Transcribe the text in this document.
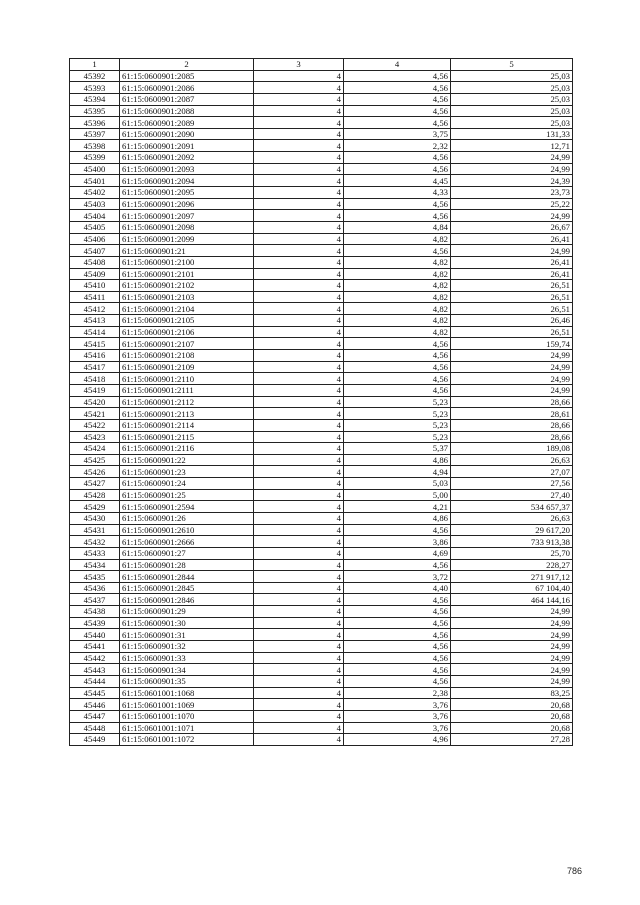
1	2	3	4	5
45392	61:15:0600901:2085	4	4,56	25,03
45393	61:15:0600901:2086	4	4,56	25,03
45394	61:15:0600901:2087	4	4,56	25,03
45395	61:15:0600901:2088	4	4,56	25,03
45396	61:15:0600901:2089	4	4,56	25,03
45397	61:15:0600901:2090	4	3,75	131,33
45398	61:15:0600901:2091	4	2,32	12,71
45399	61:15:0600901:2092	4	4,56	24,99
45400	61:15:0600901:2093	4	4,56	24,99
45401	61:15:0600901:2094	4	4,45	24,39
45402	61:15:0600901:2095	4	4,33	23,73
45403	61:15:0600901:2096	4	4,56	25,22
45404	61:15:0600901:2097	4	4,56	24,99
45405	61:15:0600901:2098	4	4,84	26,67
45406	61:15:0600901:2099	4	4,82	26,41
45407	61:15:0600901:21	4	4,56	24,99
45408	61:15:0600901:2100	4	4,82	26,41
45409	61:15:0600901:2101	4	4,82	26,41
45410	61:15:0600901:2102	4	4,82	26,51
45411	61:15:0600901:2103	4	4,82	26,51
45412	61:15:0600901:2104	4	4,82	26,51
45413	61:15:0600901:2105	4	4,82	26,46
45414	61:15:0600901:2106	4	4,82	26,51
45415	61:15:0600901:2107	4	4,56	159,74
45416	61:15:0600901:2108	4	4,56	24,99
45417	61:15:0600901:2109	4	4,56	24,99
45418	61:15:0600901:2110	4	4,56	24,99
45419	61:15:0600901:2111	4	4,56	24,99
45420	61:15:0600901:2112	4	5,23	28,66
45421	61:15:0600901:2113	4	5,23	28,61
45422	61:15:0600901:2114	4	5,23	28,66
45423	61:15:0600901:2115	4	5,23	28,66
45424	61:15:0600901:2116	4	5,37	189,08
45425	61:15:0600901:22	4	4,86	26,63
45426	61:15:0600901:23	4	4,94	27,07
45427	61:15:0600901:24	4	5,03	27,56
45428	61:15:0600901:25	4	5,00	27,40
45429	61:15:0600901:2594	4	4,21	534 657,37
45430	61:15:0600901:26	4	4,86	26,63
45431	61:15:0600901:2610	4	4,56	29 617,20
45432	61:15:0600901:2666	4	3,86	733 913,38
45433	61:15:0600901:27	4	4,69	25,70
45434	61:15:0600901:28	4	4,56	228,27
45435	61:15:0600901:2844	4	3,72	271 917,12
45436	61:15:0600901:2845	4	4,40	67 104,40
45437	61:15:0600901:2846	4	4,56	464 144,16
45438	61:15:0600901:29	4	4,56	24,99
45439	61:15:0600901:30	4	4,56	24,99
45440	61:15:0600901:31	4	4,56	24,99
45441	61:15:0600901:32	4	4,56	24,99
45442	61:15:0600901:33	4	4,56	24,99
45443	61:15:0600901:34	4	4,56	24,99
45444	61:15:0600901:35	4	4,56	24,99
45445	61:15:0601001:1068	4	2,38	83,25
45446	61:15:0601001:1069	4	3,76	20,68
45447	61:15:0601001:1070	4	3,76	20,68
45448	61:15:0601001:1071	4	3,76	20,68
45449	61:15:0601001:1072	4	4,96	27,28
786
